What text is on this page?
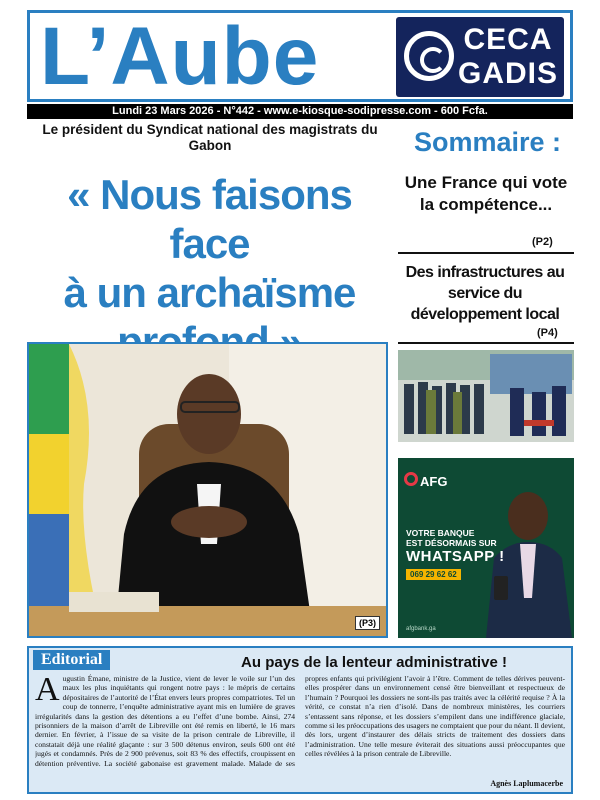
L’Aube	CECA
GADIS
Lundi 23 Mars 2026 - N°442 - www.e-kiosque-sodipresse.com - 600 Fcfa.
Le président du Syndicat national des magistrats du Gabon
« Nous faisons face
à un archaïsme
(P3)
Sommaire :
Une France qui vote la compétence...
(P2)
Des infrastructures au service du développement local
(P4)
AFG
VOTRE BANQUE
EST DÉSORMAIS SUR
WHATSAPP !
069 29 62 62
afgbank.ga
Editorial	Au pays de la lenteur administrative !
Augustin Émane, ministre de la Justice, vient de lever le voile sur l’un des maux les plus inquiétants qui rongent notre pays : le mépris de certains dépositaires de l’autorité de l’État envers leurs propres compatriotes. Tel un coup de tonnerre, l’enquête administrative ayant mis en lumière de graves irrégularités dans la gestion des détentions a eu l’effet d’une bombe. Ainsi, 274 prisonniers de la maison d’arrêt de Libreville ont été remis en liberté, le 16 mars dernier. En février, à l’issue de sa visite de la prison centrale de Libreville, il constatait déjà une réalité glaçante : sur 3 500 détenus environ, seuls 600 ont été jugés et condamnés. Près de 2 900 prévenus, soit 83 % des effectifs, croupissent en détention préventive. La société gabonaise est gravement malade. Malade de ses propres enfants qui privilégient l’avoir à l’être. Comment de telles dérives peuvent-elles prospérer dans un environnement censé être bienveillant et respectueux de l’humain ? Pourquoi les dossiers ne sont-ils pas traités avec la célérité requise ? À la vérité, ce constat n’a rien d’isolé. Dans de nombreux ministères, les courriers s’entassent sans réponse, et les dossiers s’empilent dans une indifférence glaciale, comme si les préoccupations des usagers ne comptaient que pour du néant. Il devient, dès lors, urgent d’instaurer des délais stricts de traitement des dossiers dans l’administration. Une telle mesure éviterait des situations aussi préoccupantes que celles révélées à la prison centrale de Libreville.
Agnès Laplumacerbe
